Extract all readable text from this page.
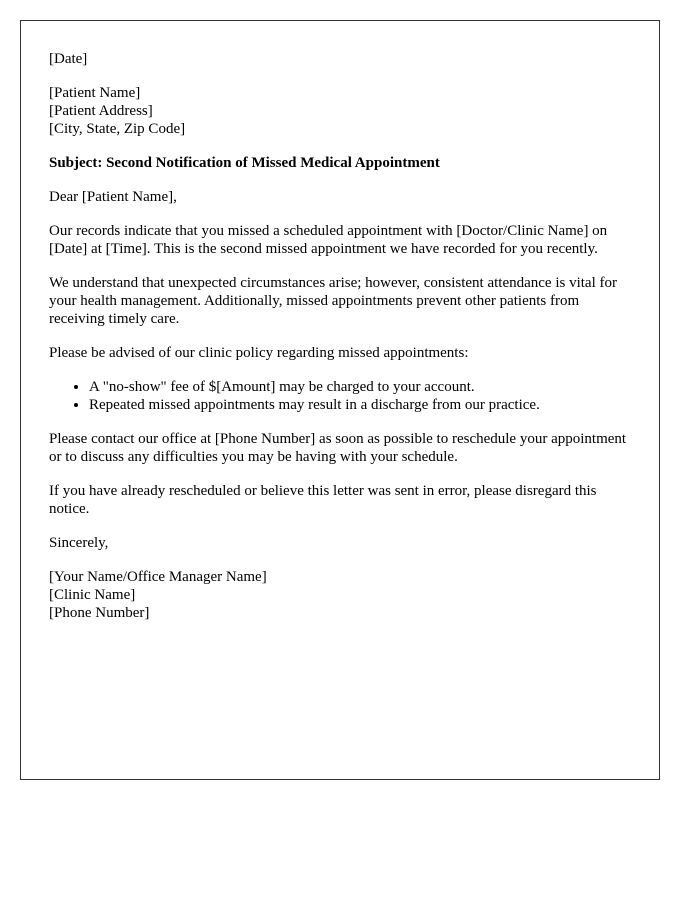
[Date]

[Patient Name]
[Patient Address]
[City, State, Zip Code]

Subject: Second Notification of Missed Medical Appointment

Dear [Patient Name],

Our records indicate that you missed a scheduled appointment with [Doctor/Clinic Name] on [Date] at [Time]. This is the second missed appointment we have recorded for you recently.

We understand that unexpected circumstances arise; however, consistent attendance is vital for your health management. Additionally, missed appointments prevent other patients from receiving timely care.

Please be advised of our clinic policy regarding missed appointments:

• A "no-show" fee of $[Amount] may be charged to your account.
• Repeated missed appointments may result in a discharge from our practice.

Please contact our office at [Phone Number] as soon as possible to reschedule your appointment or to discuss any difficulties you may be having with your schedule.

If you have already rescheduled or believe this letter was sent in error, please disregard this notice.

Sincerely,

[Your Name/Office Manager Name]
[Clinic Name]
[Phone Number]
